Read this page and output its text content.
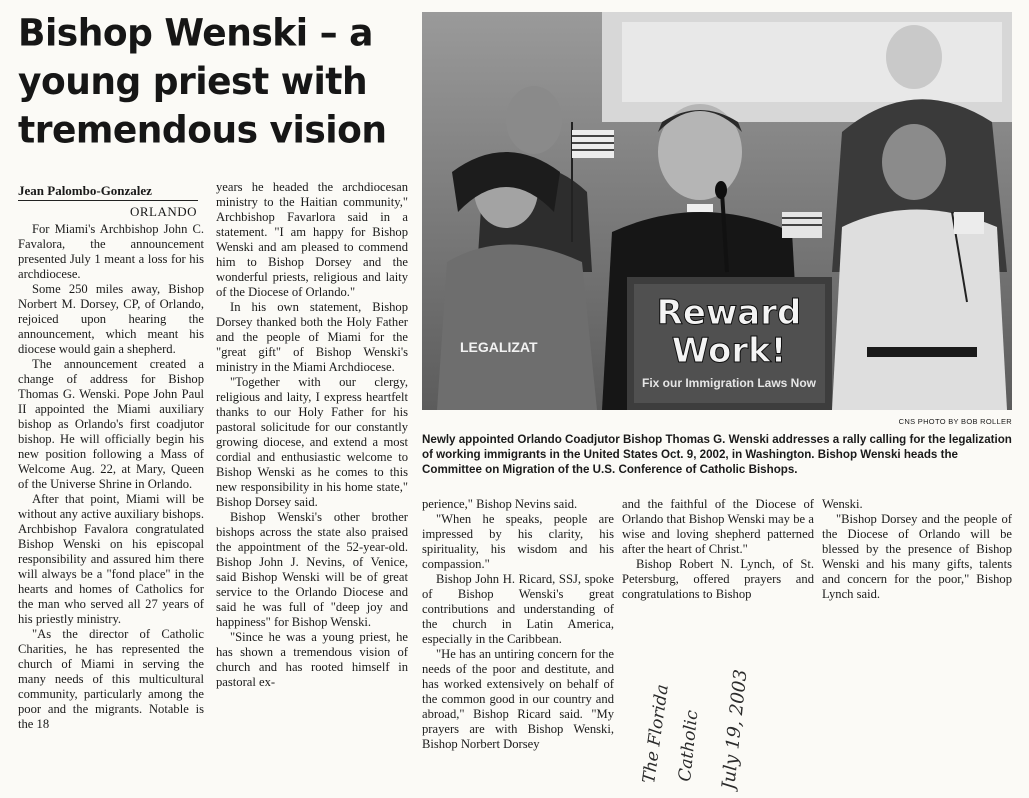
Bishop Wenski – a young priest with tremendous vision
Jean Palombo-Gonzalez
ORLANDO

For Miami's Archbishop John C. Favalora, the announcement presented July 1 meant a loss for his archdiocese.

Some 250 miles away, Bishop Norbert M. Dorsey, CP, of Orlando, rejoiced upon hearing the announcement, which meant his diocese would gain a shepherd.

The announcement created a change of address for Bishop Thomas G. Wenski. Pope John Paul II appointed the Miami auxiliary bishop as Orlando's first coadjutor bishop. He will officially begin his new position following a Mass of Welcome Aug. 22, at Mary, Queen of the Universe Shrine in Orlando.

After that point, Miami will be without any active auxiliary bishops. Archbishop Favalora congratulated Bishop Wenski on his episcopal responsibility and assured him there will always be a "fond place" in the hearts and homes of Catholics for the man who served all 27 years of his priestly ministry.

"As the director of Catholic Charities, he has represented the church of Miami in serving the many needs of this multicultural community, particularly among the poor and the migrants. Notable is the 18

years he headed the archdiocesan ministry to the Haitian community," Archbishop Favarlora said in a statement. "I am happy for Bishop Wenski and am pleased to commend him to Bishop Dorsey and the wonderful priests, religious and laity of the Diocese of Orlando."

In his own statement, Bishop Dorsey thanked both the Holy Father and the people of Miami for the "great gift" of Bishop Wenski's ministry in the Miami Archdiocese.

"Together with our clergy, religious and laity, I express heartfelt thanks to our Holy Father for his pastoral solicitude for our constantly growing diocese, and extend a most cordial and enthusiastic welcome to Bishop Wenski as he comes to this new responsibility in his home state," Bishop Dorsey said.

Bishop Wenski's other brother bishops across the state also praised the appointment of the 52-year-old. Bishop John J. Nevins, of Venice, said Bishop Wenski will be of great service to the Orlando Diocese and said he was full of "deep joy and happiness" for Bishop Wenski.

"Since he was a young priest, he has shown a tremendous vision of church and has rooted himself in pastoral ex-

LEGALIZAT
Reward
Work!
Fix our Immigration Laws Now
CNS PHOTO BY BOB ROLLER
Newly appointed Orlando Coadjutor Bishop Thomas G. Wenski addresses a rally calling for the legalization of working immigrants in the United States Oct. 9, 2002, in Washington. Bishop Wenski heads the Committee on Migration of the U.S. Conference of Catholic Bishops.

perience," Bishop Nevins said.

"When he speaks, people are impressed by his clarity, his spirituality, his wisdom and his compassion."

Bishop John H. Ricard, SSJ, spoke of Bishop Wenski's great contributions and understanding of the church in Latin America, especially in the Caribbean.

"He has an untiring concern for the needs of the poor and destitute, and has worked extensively on behalf of the common good in our country and abroad," Bishop Ricard said. "My prayers are with Bishop Wenski, Bishop Norbert Dorsey

and the faithful of the Diocese of Orlando that Bishop Wenski may be a wise and loving shepherd patterned after the heart of Christ."

Bishop Robert N. Lynch, of St. Petersburg, offered prayers and congratulations to Bishop

Wenski.

"Bishop Dorsey and the people of the Diocese of Orlando will be blessed by the presence of Bishop Wenski and his many gifts, talents and concern for the poor," Bishop Lynch said.

The Florida Catholic July 19, 2003
